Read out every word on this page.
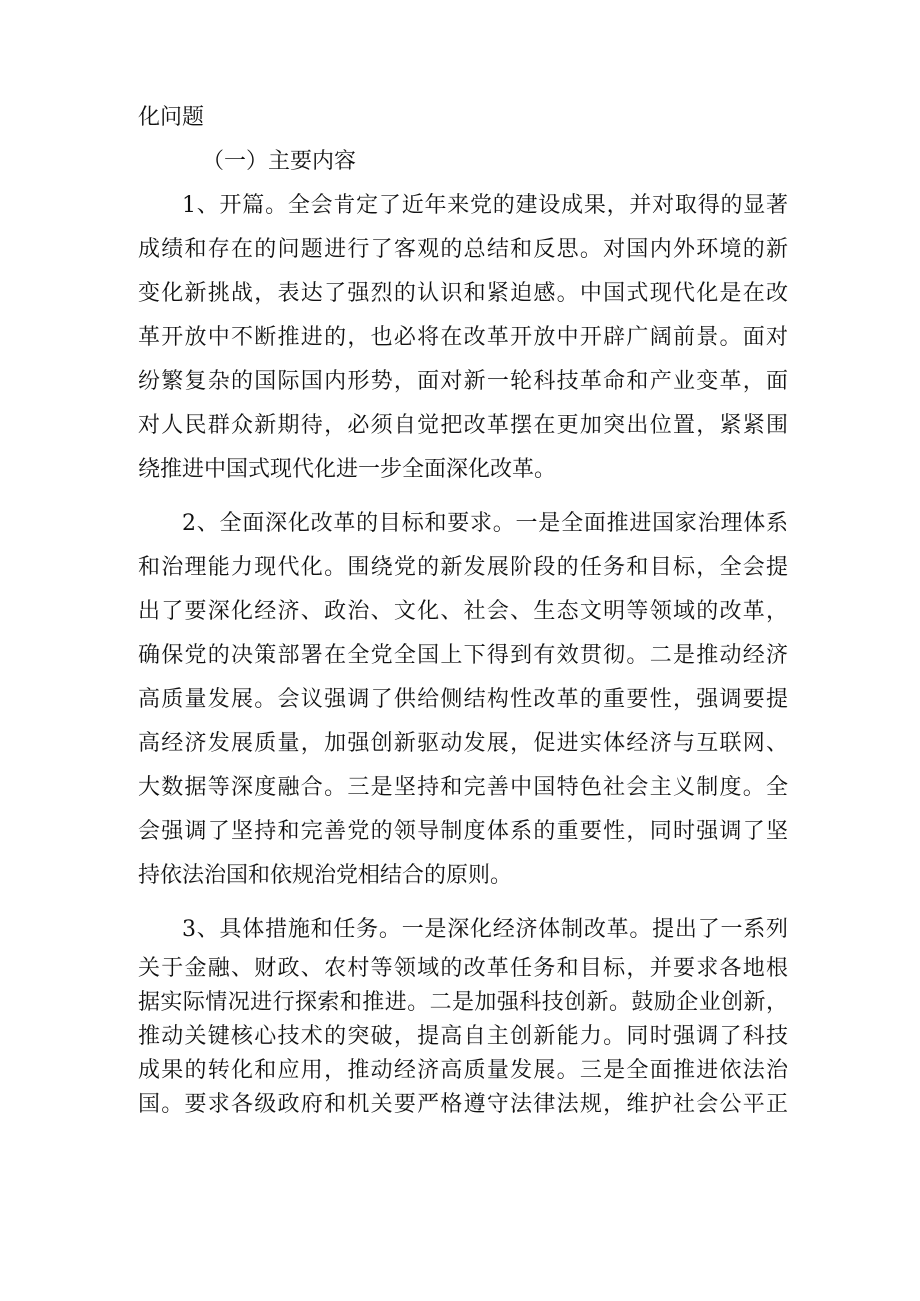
化问题
（一）主要内容
1、开篇。全会肯定了近年来党的建设成果，并对取得的显著
成绩和存在的问题进行了客观的总结和反思。对国内外环境的新
变化新挑战，表达了强烈的认识和紧迫感。中国式现代化是在改
革开放中不断推进的，也必将在改革开放中开辟广阔前景。面对
纷繁复杂的国际国内形势，面对新一轮科技革命和产业变革，面
对人民群众新期待，必须自觉把改革摆在更加突出位置，紧紧围
绕推进中国式现代化进一步全面深化改革。
2、全面深化改革的目标和要求。一是全面推进国家治理体系
和治理能力现代化。围绕党的新发展阶段的任务和目标，全会提
出了要深化经济、政治、文化、社会、生态文明等领域的改革，
确保党的决策部署在全党全国上下得到有效贯彻。二是推动经济
高质量发展。会议强调了供给侧结构性改革的重要性，强调要提
高经济发展质量，加强创新驱动发展，促进实体经济与互联网、
大数据等深度融合。三是坚持和完善中国特色社会主义制度。全
会强调了坚持和完善党的领导制度体系的重要性，同时强调了坚
持依法治国和依规治党相结合的原则。
3、具体措施和任务。一是深化经济体制改革。提出了一系列
关于金融、财政、农村等领域的改革任务和目标，并要求各地根
据实际情况进行探索和推进。二是加强科技创新。鼓励企业创新，
推动关键核心技术的突破，提高自主创新能力。同时强调了科技
成果的转化和应用，推动经济高质量发展。三是全面推进依法治
国。要求各级政府和机关要严格遵守法律法规，维护社会公平正
